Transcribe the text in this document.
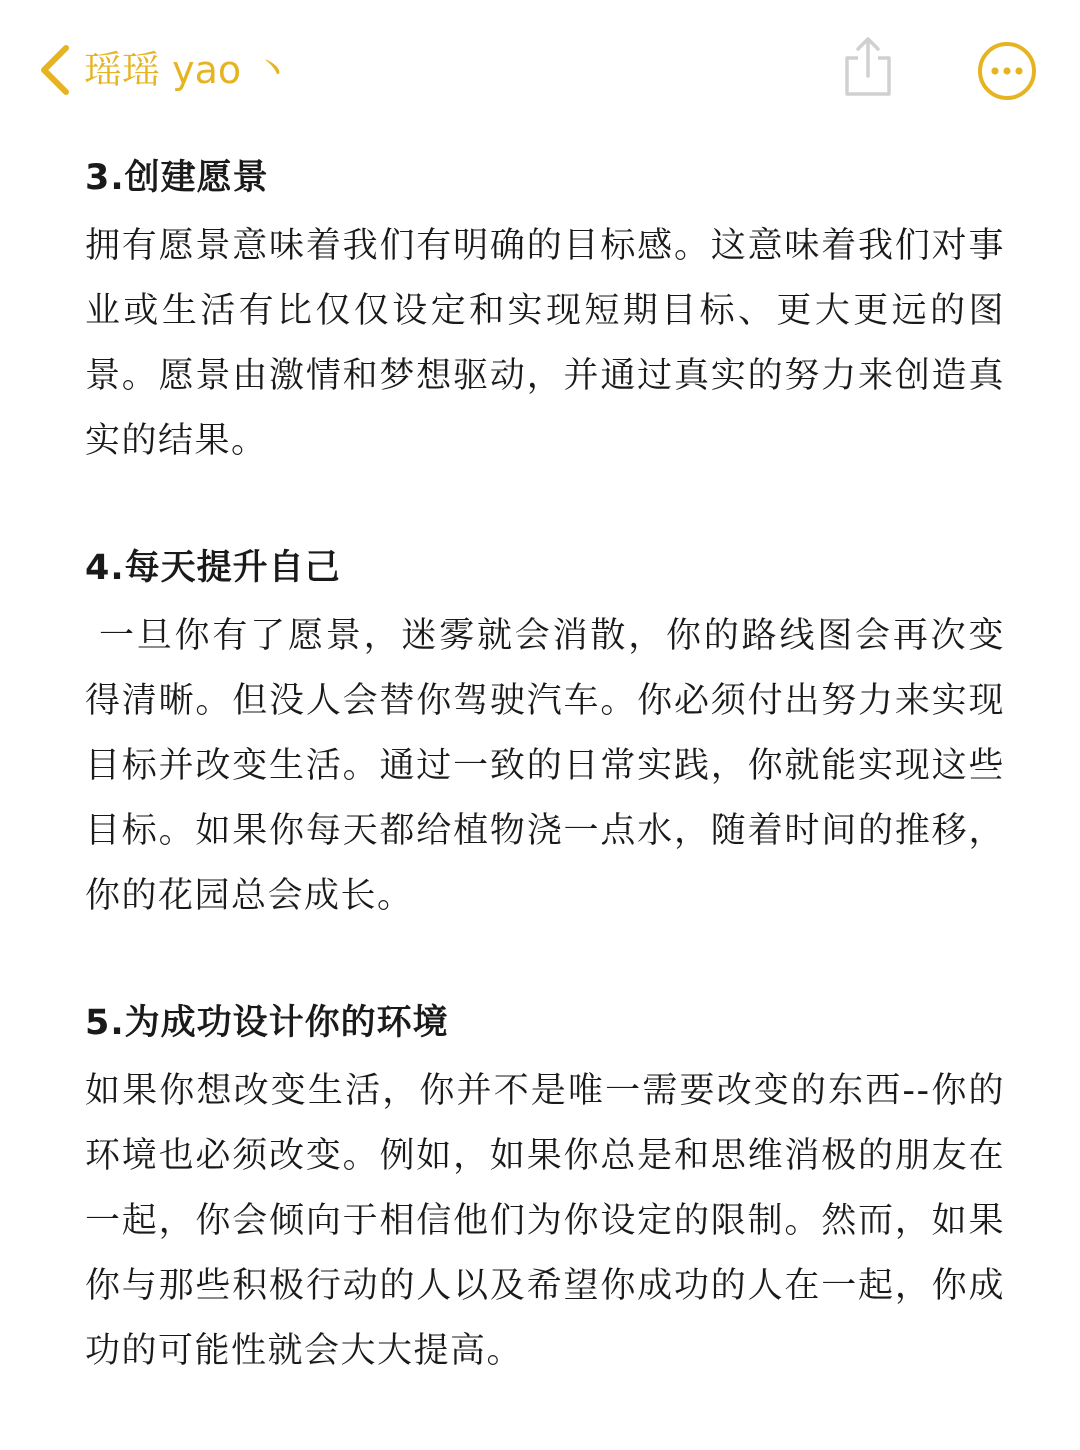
瑶瑶 yao 丶
3.创建愿景

拥有愿景意味着我们有明确的目标感。这意味着我们对事业或生活有比仅仅设定和实现短期目标、更大更远的图景。愿景由激情和梦想驱动，并通过真实的努力来创造真实的结果。

4.每天提升自己

一旦你有了愿景，迷雾就会消散，你的路线图会再次变得清晰。但没人会替你驾驶汽车。你必须付出努力来实现目标并改变生活。通过一致的日常实践，你就能实现这些目标。如果你每天都给植物浇一点水，随着时间的推移，你的花园总会成长。

5.为成功设计你的环境

如果你想改变生活，你并不是唯一需要改变的东西--你的环境也必须改变。例如，如果你总是和思维消极的朋友在一起，你会倾向于相信他们为你设定的限制。然而，如果你与那些积极行动的人以及希望你成功的人在一起，你成功的可能性就会大大提高。
